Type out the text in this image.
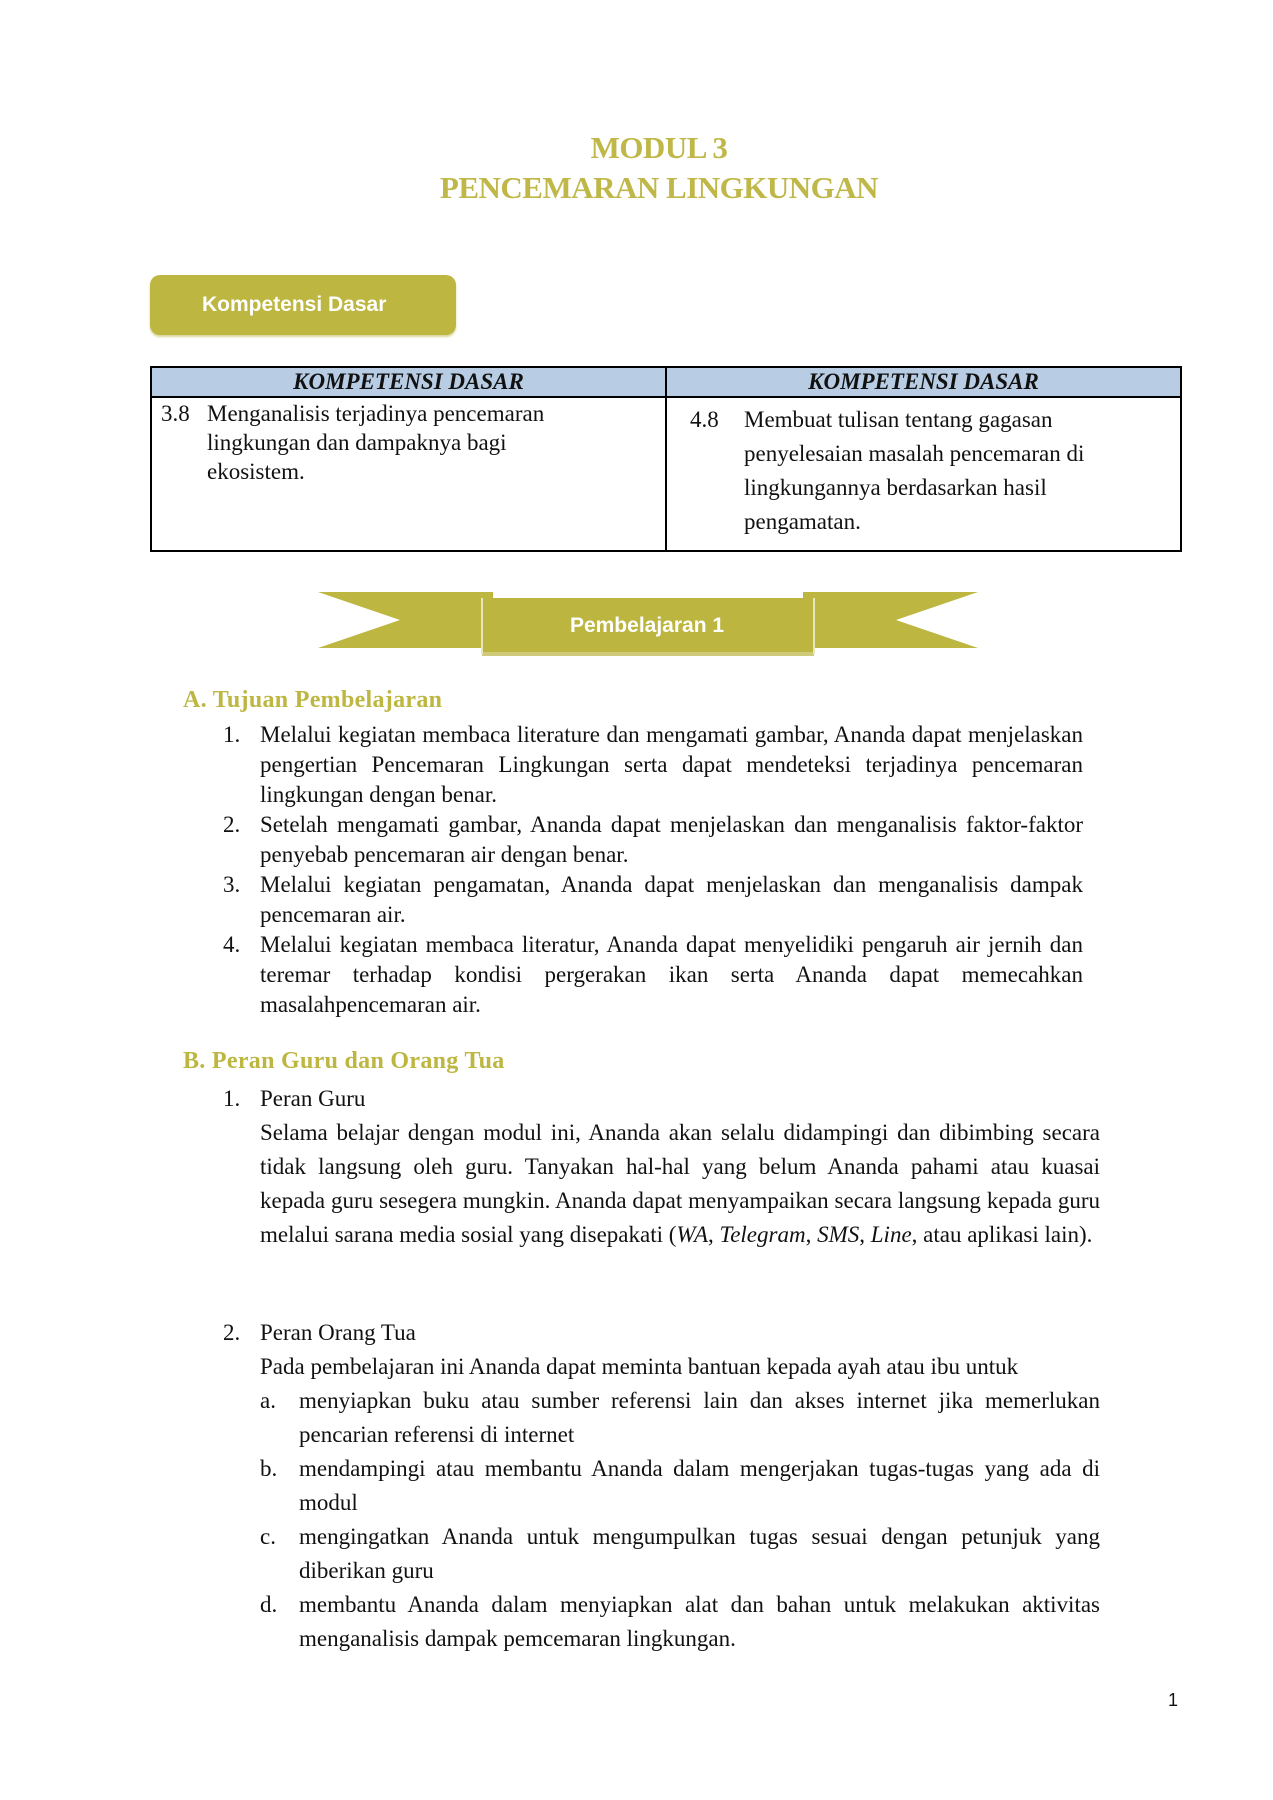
MODUL 3
PENCEMARAN LINGKUNGAN
Kompetensi Dasar
KOMPETENSI DASAR	KOMPETENSI DASAR

3.8 Menganalisis terjadinya pencemaran lingkungan dan dampaknya bagi ekosistem.	4.8 Membuat tulisan tentang gagasan penyelesaian masalah pencemaran di lingkungannya berdasarkan hasil pengamatan.
Pembelajaran 1
A. Tujuan Pembelajaran
1. Melalui kegiatan membaca literature dan mengamati gambar, Ananda dapat menjelaskan pengertian Pencemaran Lingkungan serta dapat mendeteksi terjadinya pencemaran lingkungan dengan benar.
2. Setelah mengamati gambar, Ananda dapat menjelaskan dan menganalisis faktor-faktor penyebab pencemaran air dengan benar.
3. Melalui kegiatan pengamatan, Ananda dapat menjelaskan dan menganalisis dampak pencemaran air.
4. Melalui kegiatan membaca literatur, Ananda dapat menyelidiki pengaruh air jernih dan teremar terhadap kondisi pergerakan ikan serta Ananda dapat memecahkan masalahpencemaran air.
B. Peran Guru dan Orang Tua
1. Peran Guru
Selama belajar dengan modul ini, Ananda akan selalu didampingi dan dibimbing secara tidak langsung oleh guru. Tanyakan hal-hal yang belum Ananda pahami atau kuasai kepada guru sesegera mungkin. Ananda dapat menyampaikan secara langsung kepada guru melalui sarana media sosial yang disepakati (WA, Telegram, SMS, Line, atau aplikasi lain).
2. Peran Orang Tua
Pada pembelajaran ini Ananda dapat meminta bantuan kepada ayah atau ibu untuk
a.	menyiapkan buku atau sumber referensi lain dan akses internet jika memerlukan pencarian referensi di internet
b. mendampingi atau membantu Ananda dalam mengerjakan tugas-tugas yang ada di modul
c.	mengingatkan Ananda untuk mengumpulkan tugas sesuai dengan petunjuk yang diberikan guru
d. membantu Ananda dalam menyiapkan alat dan bahan untuk melakukan aktivitas menganalisis dampak pemcemaran lingkungan.
1
